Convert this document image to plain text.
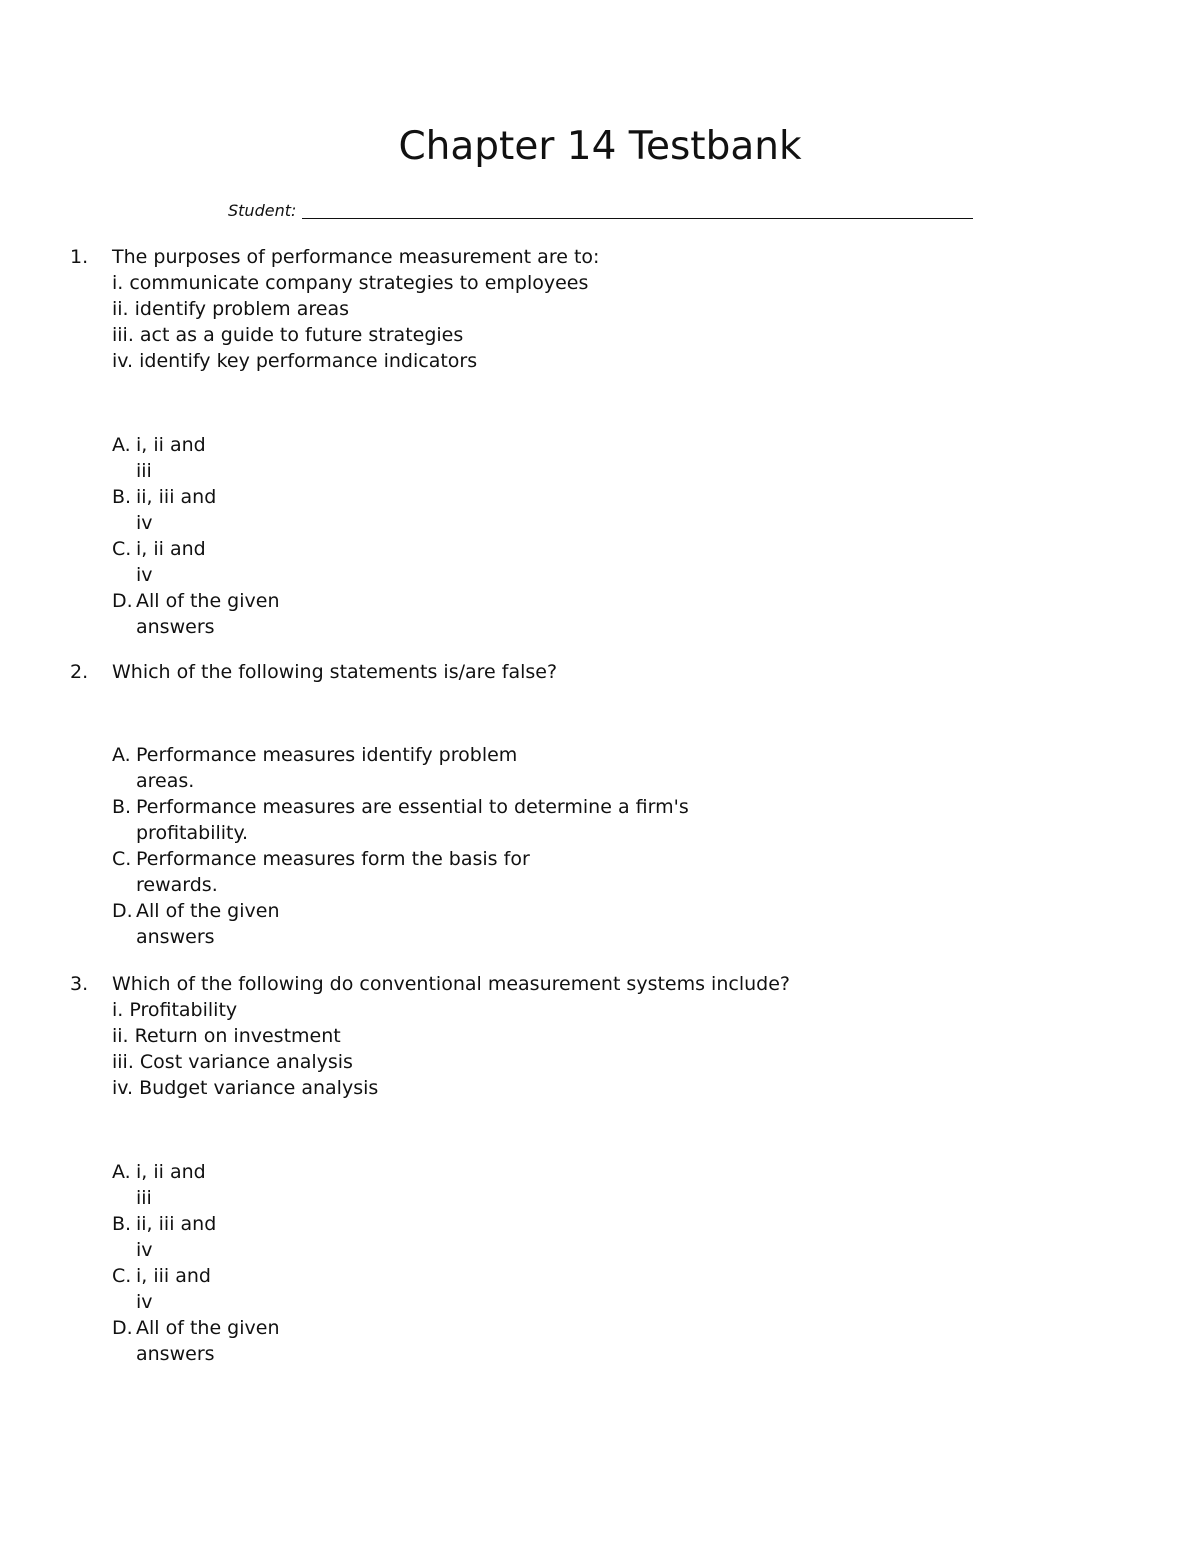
Chapter 14 Testbank
Student:
1.	The purposes of performance measurement are to:
i. communicate company strategies to employees
ii. identify problem areas
iii. act as a guide to future strategies
iv. identify key performance indicators
A. i, ii and
iii
B. ii, iii and
iv
C. i, ii and
iv
D. All of the given
answers
2.	Which of the following statements is/are false?
A. Performance measures identify problem
areas.
B. Performance measures are essential to determine a firm's
profitability.
C. Performance measures form the basis for
rewards.
D. All of the given
answers
3.	Which of the following do conventional measurement systems include?
i. Profitability
ii. Return on investment
iii. Cost variance analysis
iv. Budget variance analysis
A. i, ii and
iii
B. ii, iii and
iv
C. i, iii and
iv
D. All of the given
answers
